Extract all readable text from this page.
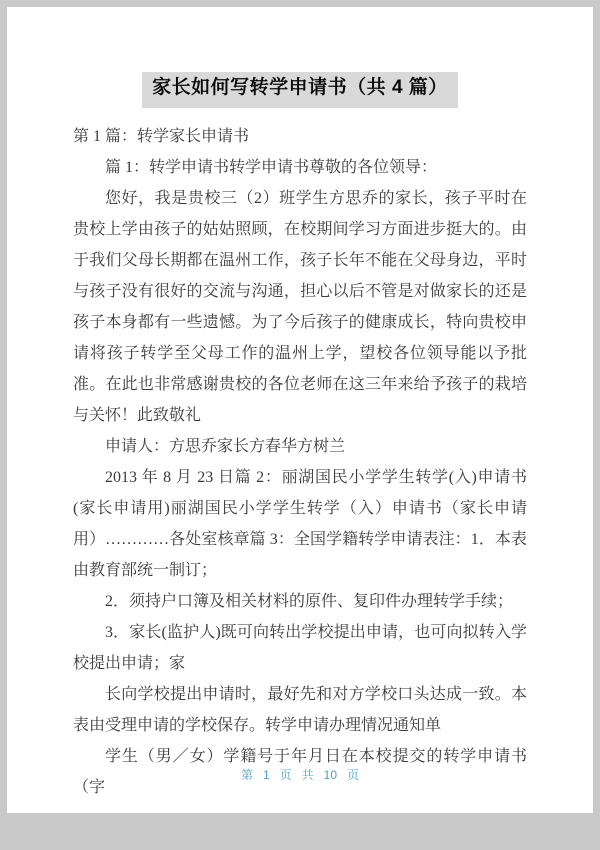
家长如何写转学申请书（共 4 篇）

第 1 篇：转学家长申请书

篇 1：转学申请书转学申请书尊敬的各位领导：

您好，我是贵校三（2）班学生方思乔的家长，孩子平时在贵校上学由孩子的姑姑照顾，在校期间学习方面进步挺大的。由于我们父母长期都在温州工作，孩子长年不能在父母身边，平时与孩子没有很好的交流与沟通，担心以后不管是对做家长的还是孩子本身都有一些遗憾。为了今后孩子的健康成长，特向贵校申请将孩子转学至父母工作的温州上学，望校各位领导能以予批准。在此也非常感谢贵校的各位老师在这三年来给予孩子的栽培与关怀！此致敬礼

申请人：方思乔家长方春华方树兰

2013 年 8 月 23 日篇 2：丽湖国民小学学生转学(入)申请书(家长申请用)丽湖国民小学学生转学（入）申请书（家长申请用）…………各处室核章篇 3：全国学籍转学申请表注：1．本表由教育部统一制订；

2．须持户口簿及相关材料的原件、复印件办理转学手续；

3．家长(监护人)既可向转出学校提出申请，也可向拟转入学校提出申请；家

长向学校提出申请时，最好先和对方学校口头达成一致。本表由受理申请的学校保存。转学申请办理情况通知单

学生（男／女）学籍号于年月日在本校提交的转学申请书（字

第 1 页 共 10 页
